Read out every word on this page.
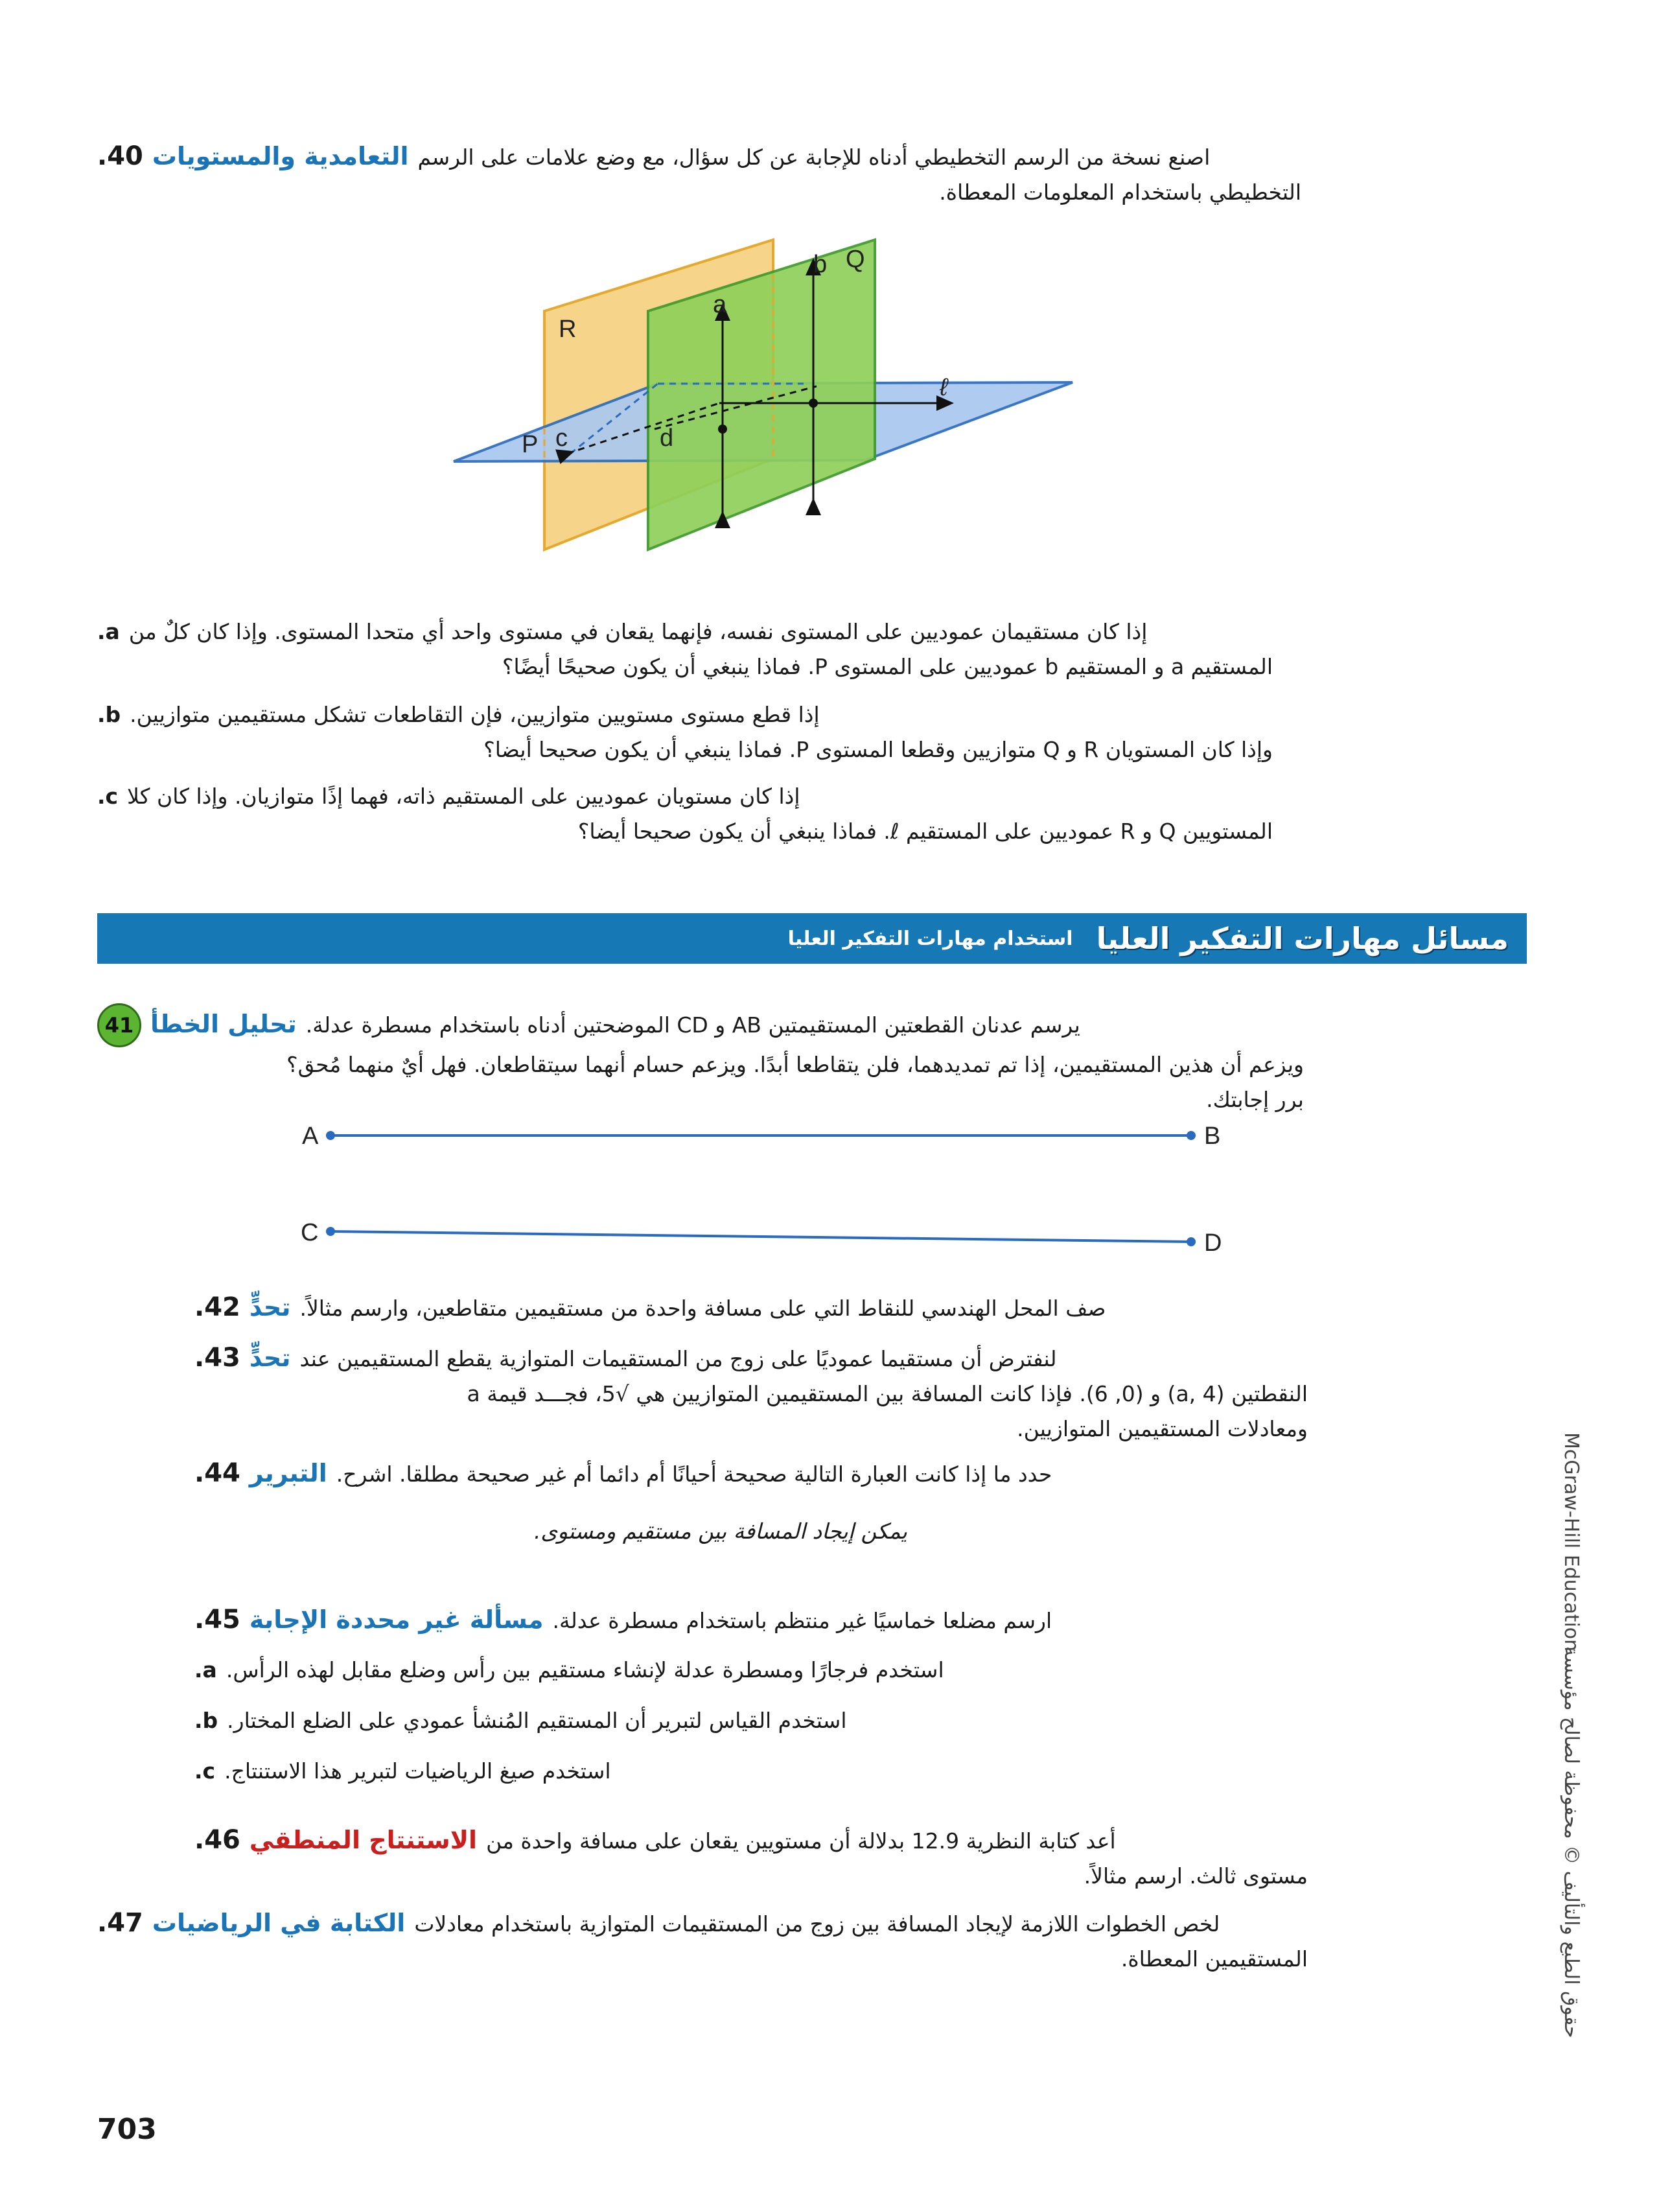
40. التعامدية والمستويات اصنع نسخة من الرسم التخطيطي أدناه للإجابة عن كل سؤال، مع وضع علامات على الرسم
التخطيطي باستخدام المعلومات المعطاة.
R
Q
P
a
b
c	d
ℓ
a. إذا كان مستقيمان عموديين على المستوى نفسه، فإنهما يقعان في مستوى واحد أي متحدا المستوى. وإذا كان كلٌ من
المستقيم a و المستقيم b عموديين على المستوى P. فماذا ينبغي أن يكون صحيحًا أيضًا؟
b. إذا قطع مستوى مستويين متوازيين، فإن التقاطعات تشكل مستقيمين متوازيين.
وإذا كان المستويان R و Q متوازيين وقطعا المستوى P. فماذا ينبغي أن يكون صحيحا أيضا؟
c. إذا كان مستويان عموديين على المستقيم ذاته، فهما إذًا متوازيان. وإذا كان كلا
المستويين Q و R عموديين على المستقيم ℓ. فماذا ينبغي أن يكون صحيحا أيضا؟
مسائل مهارات التفكير العليا
استخدام مهارات التفكير العليا
41 تحليل الخطأ يرسم عدنان القطعتين المستقيمتين AB و CD الموضحتين أدناه باستخدام مسطرة عدلة.
ويزعم أن هذين المستقيمين، إذا تم تمديدهما، فلن يتقاطعا أبدًا. ويزعم حسام أنهما سيتقاطعان. فهل أيٌ منهما مُحق؟
برر إجابتك.
A	B
C	D
42. تحدٍّ صف المحل الهندسي للنقاط التي على مسافة واحدة من مستقيمين متقاطعين، وارسم مثالاً.
43. تحدٍّ لنفترض أن مستقيما عموديًا على زوج من المستقيمات المتوازية يقطع المستقيمين عند
النقطتين (a, 4) و (0, 6). فإذا كانت المسافة بين المستقيمين المتوازيين هي √5، فجـــد قيمة a
ومعادلات المستقيمين المتوازيين.
44. التبرير حدد ما إذا كانت العبارة التالية صحيحة أحيانًا أم دائما أم غير صحيحة مطلقا. اشرح.
يمكن إيجاد المسافة بين مستقيم ومستوى.
45. مسألة غير محددة الإجابة ارسم مضلعا خماسيًا غير منتظم باستخدام مسطرة عدلة.
a. استخدم فرجارًا ومسطرة عدلة لإنشاء مستقيم بين رأس وضلع مقابل لهذه الرأس.
b. استخدم القياس لتبرير أن المستقيم المُنشأ عمودي على الضلع المختار.
c. استخدم صيغ الرياضيات لتبرير هذا الاستنتاج.
46. الاستنتاج المنطقي أعد كتابة النظرية 12.9 بدلالة أن مستويين يقعان على مسافة واحدة من
مستوى ثالث. ارسم مثالاً.
47. الكتابة في الرياضيات لخص الخطوات اللازمة لإيجاد المسافة بين زوج من المستقيمات المتوازية باستخدام معادلات
المستقيمين المعطاة.
703
McGraw-Hill Education
حقوق الطبع والتأليف © محفوظة لصالح مؤسسة
